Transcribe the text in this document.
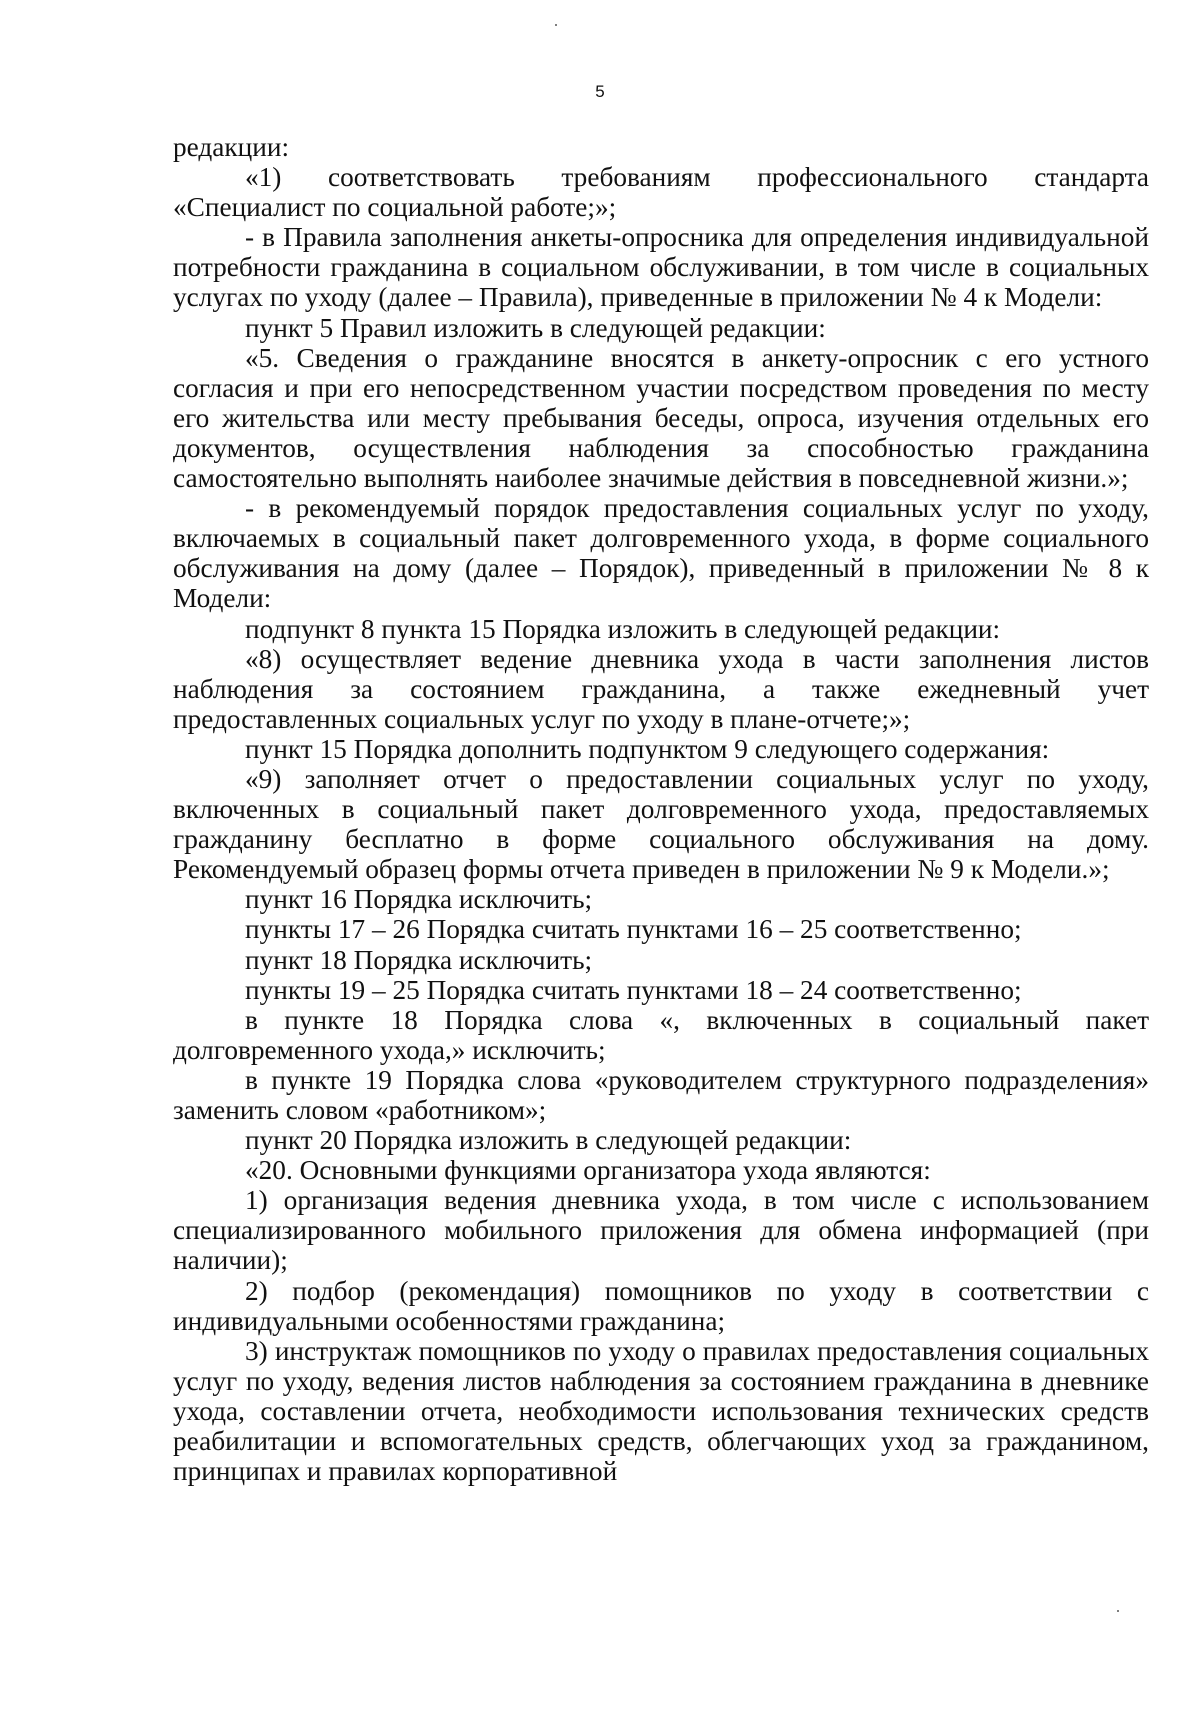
5

редакции:

«1) соответствовать требованиям профессионального стандарта «Специалист по социальной работе;»;

- в Правила заполнения анкеты-опросника для определения индивидуальной потребности гражданина в социальном обслуживании, в том числе в социальных услугах по уходу (далее – Правила), приведенные в приложении № 4 к Модели:

пункт 5 Правил изложить в следующей редакции:

«5. Сведения о гражданине вносятся в анкету-опросник с его устного согласия и при его непосредственном участии посредством проведения по месту его жительства или месту пребывания беседы, опроса, изучения отдельных его документов, осуществления наблюдения за способностью гражданина самостоятельно выполнять наиболее значимые действия в повседневной жизни.»;

- в рекомендуемый порядок предоставления социальных услуг по уходу, включаемых в социальный пакет долговременного ухода, в форме социального обслуживания на дому (далее – Порядок), приведенный в приложении № 8 к Модели:

подпункт 8 пункта 15 Порядка изложить в следующей редакции:

«8) осуществляет ведение дневника ухода в части заполнения листов наблюдения за состоянием гражданина, а также ежедневный учет предоставленных социальных услуг по уходу в плане-отчете;»;

пункт 15 Порядка дополнить подпунктом 9 следующего содержания:

«9) заполняет отчет о предоставлении социальных услуг по уходу, включенных в социальный пакет долговременного ухода, предоставляемых гражданину бесплатно в форме социального обслуживания на дому. Рекомендуемый образец формы отчета приведен в приложении № 9 к Модели.»;

пункт 16 Порядка исключить;

пункты 17 – 26 Порядка считать пунктами 16 – 25 соответственно;

пункт 18 Порядка исключить;

пункты 19 – 25 Порядка считать пунктами 18 – 24 соответственно;

в пункте 18 Порядка слова «, включенных в социальный пакет долговременного ухода,» исключить;

в пункте 19 Порядка слова «руководителем структурного подразделения» заменить словом «работником»;

пункт 20 Порядка изложить в следующей редакции:

«20. Основными функциями организатора ухода являются:

1) организация ведения дневника ухода, в том числе с использованием специализированного мобильного приложения для обмена информацией (при наличии);

2) подбор (рекомендация) помощников по уходу в соответствии с индивидуальными особенностями гражданина;

3) инструктаж помощников по уходу о правилах предоставления социальных услуг по уходу, ведения листов наблюдения за состоянием гражданина в дневнике ухода, составлении отчета, необходимости использования технических средств реабилитации и вспомогательных средств, облегчающих уход за гражданином, принципах и правилах корпоративной
